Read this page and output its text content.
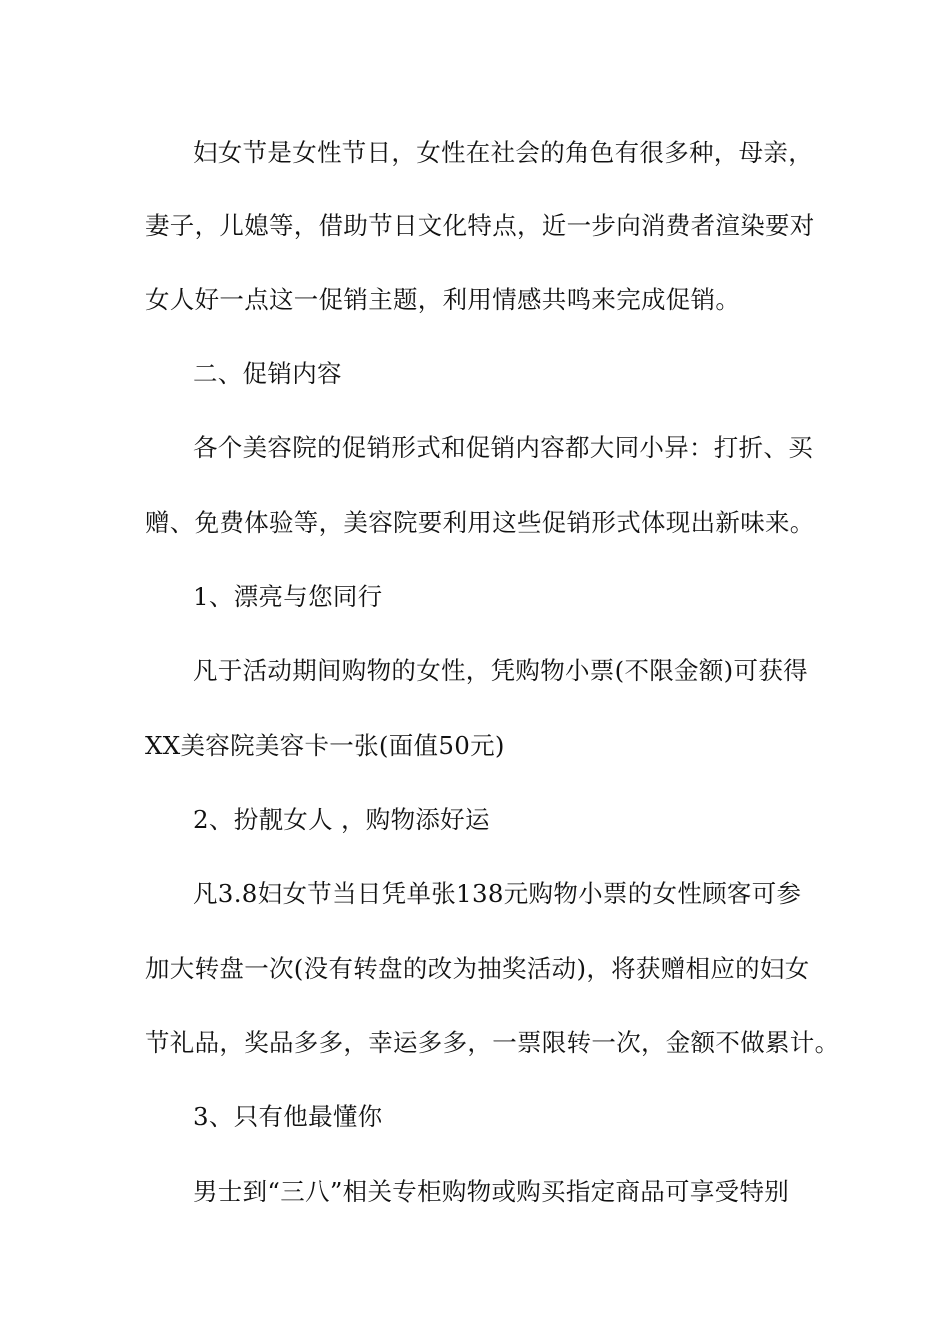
妇女节是女性节日，女性在社会的角色有很多种，母亲，
妻子，儿媳等，借助节日文化特点，近一步向消费者渲染要对
女人好一点这一促销主题，利用情感共鸣来完成促销。
二、促销内容
各个美容院的促销形式和促销内容都大同小异：打折、买
赠、免费体验等，美容院要利用这些促销形式体现出新味来。
1、漂亮与您同行
凡于活动期间购物的女性，凭购物小票(不限金额)可获得
XX美容院美容卡一张(面值50元)
2、扮靓女人 ，购物添好运
凡3.8妇女节当日凭单张138元购物小票的女性顾客可参
加大转盘一次(没有转盘的改为抽奖活动)，将获赠相应的妇女
节礼品，奖品多多，幸运多多，一票限转一次，金额不做累计。
3、只有他最懂你
男士到“三八”相关专柜购物或购买指定商品可享受特别
